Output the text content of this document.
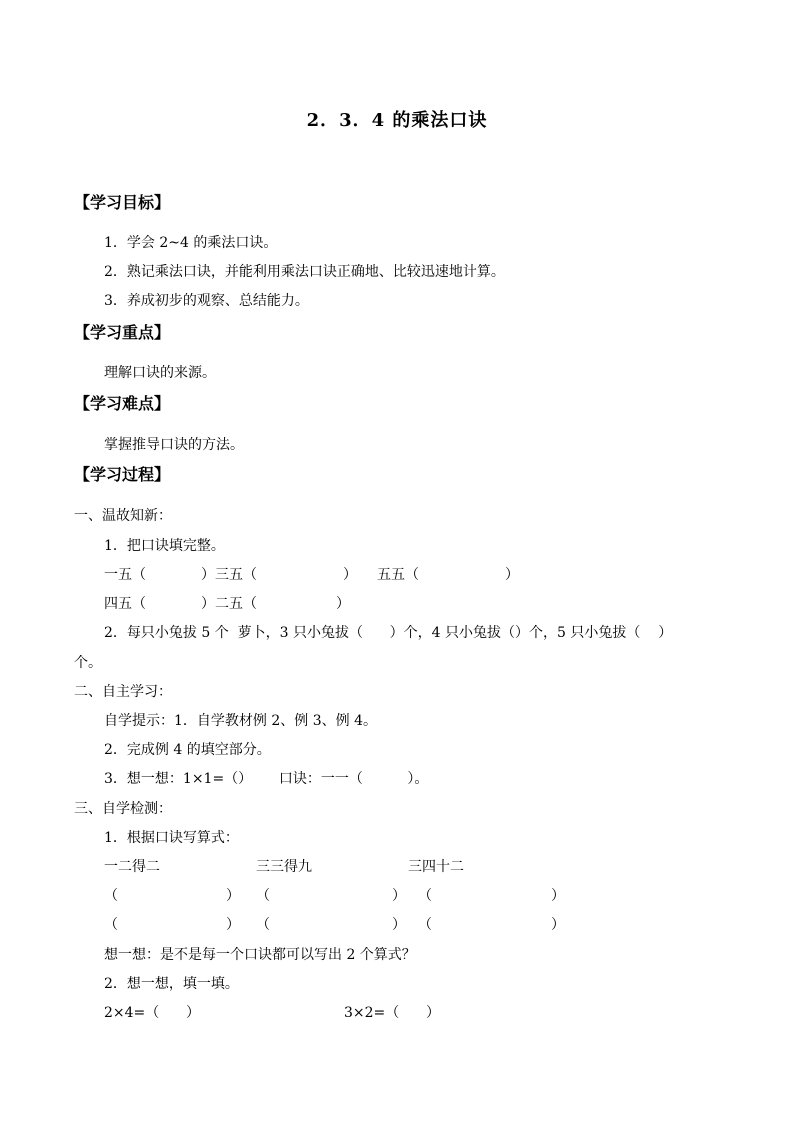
2．3．4 的乘法口诀
【学习目标】
1．学会 2~4 的乘法口诀。
2．熟记乘法口诀，并能利用乘法口诀正确地、比较迅速地计算。
3．养成初步的观察、总结能力。
【学习重点】
理解口诀的来源。
【学习难点】
掌握推导口诀的方法。
【学习过程】
一、温故知新：
1．把口诀填完整。
一五（	）三五（	） 五五（	）
四五（	）二五（	）
2．每只小兔拔 5 个  萝卜，3 只小兔拔（      ）个，4 只小兔拔（）个，5 只小兔拔（    ）
个。
二、自主学习：
自学提示：1．自学教材例 2、例 3、例 4。
2．完成例 4 的填空部分。
3．想一想：1×1=（）      口诀：一一（          ）。
三、自学检测：
1．根据口诀写算式：
一二得二	三三得九	三四十二
（	） （	） （	）
（	） （	） （	）
想一想：是不是每一个口诀都可以写出 2 个算式？
2．想一想，填一填。
2×4=（      ）	3×2=（      ）
